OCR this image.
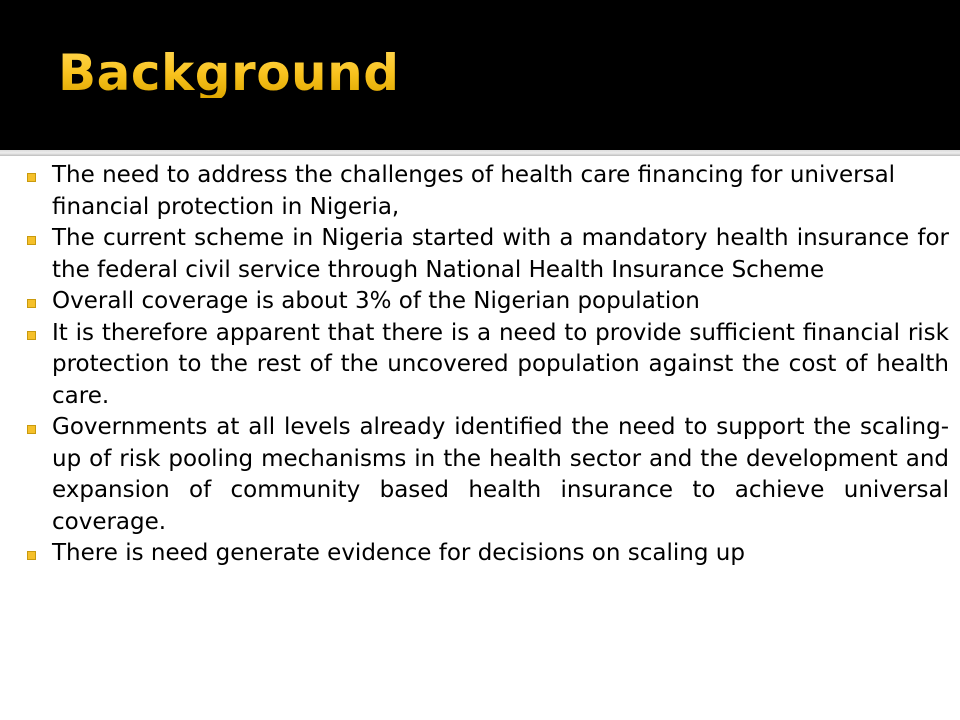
Background
The need to address the challenges of health care financing for universal financial protection in Nigeria,
The current scheme in Nigeria started with a mandatory health insurance for the federal civil service through National Health Insurance Scheme
Overall coverage is about 3% of the Nigerian population
It is therefore apparent that there is a need to provide sufficient financial risk protection to the rest of the uncovered population against the cost of health care.
Governments at all levels already identified the need to support the scaling-up of risk pooling mechanisms in the health sector and the development and expansion of community based health insurance to achieve universal coverage.
There is need generate evidence for decisions on scaling up
